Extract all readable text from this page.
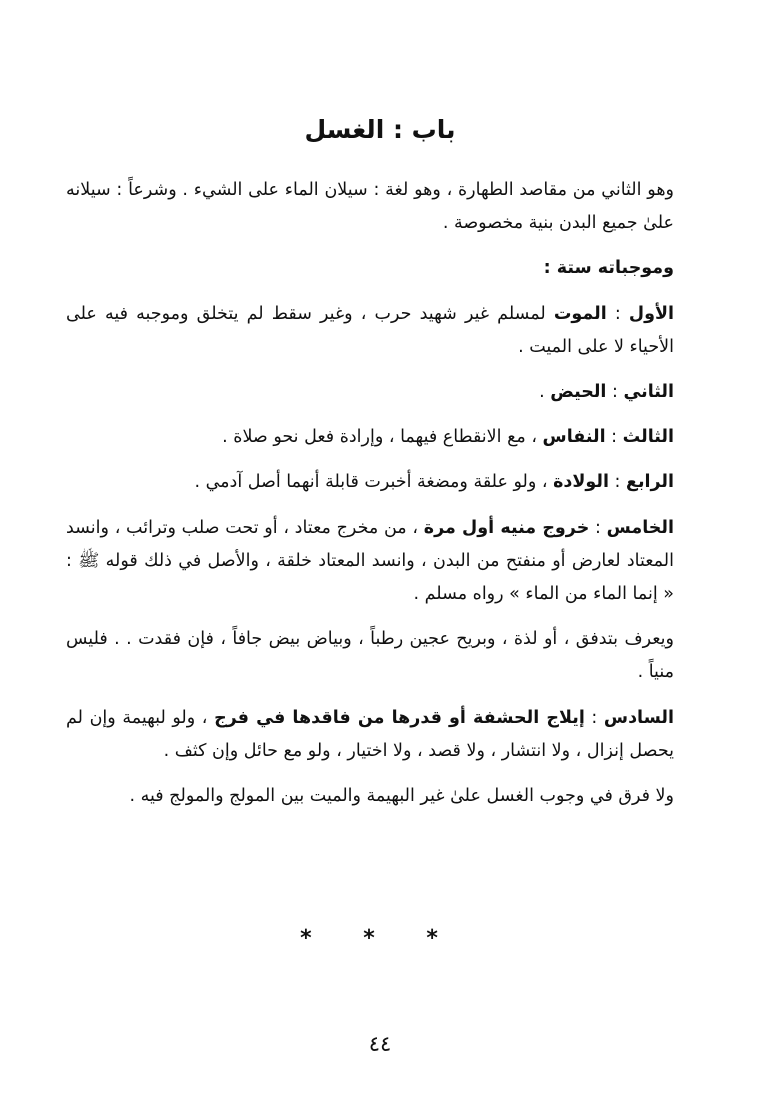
باب : الغسل

وهو الثاني من مقاصد الطهارة ، وهو لغة : سيلان الماء على الشيء . وشرعاً : سيلانه علىٰ جميع البدن بنية مخصوصة .

وموجباته ستة :

الأول : الموت لمسلم غير شهيد حرب ، وغير سقط لم يتخلق وموجبه فيه على الأحياء لا على الميت .

الثاني : الحيض .

الثالث : النفاس ، مع الانقطاع فيهما ، وإرادة فعل نحو صلاة .

الرابع : الولادة ، ولو علقة ومضغة أخبرت قابلة أنهما أصل آدمي .

الخامس : خروج منيه أول مرة ، من مخرج معتاد ، أو تحت صلب وترائب ، وانسد المعتاد لعارض أو منفتح من البدن ، وانسد المعتاد خلقة ، والأصل في ذلك قوله ﷺ : « إنما الماء من الماء » رواه مسلم .

ويعرف بتدفق ، أو لذة ، وبريح عجين رطباً ، وبياض بيض جافاً ، فإن فقدت . . فليس منياً .

السادس : إيلاج الحشفة أو قدرها من فاقدها في فرج ، ولو لبهيمة وإن لم يحصل إنزال ، ولا انتشار ، ولا قصد ، ولا اختيار ، ولو مع حائل وإن كثف .

ولا فرق في وجوب الغسل علىٰ غير البهيمة والميت بين المولج والمولج فيه .

* * *
٤٤
